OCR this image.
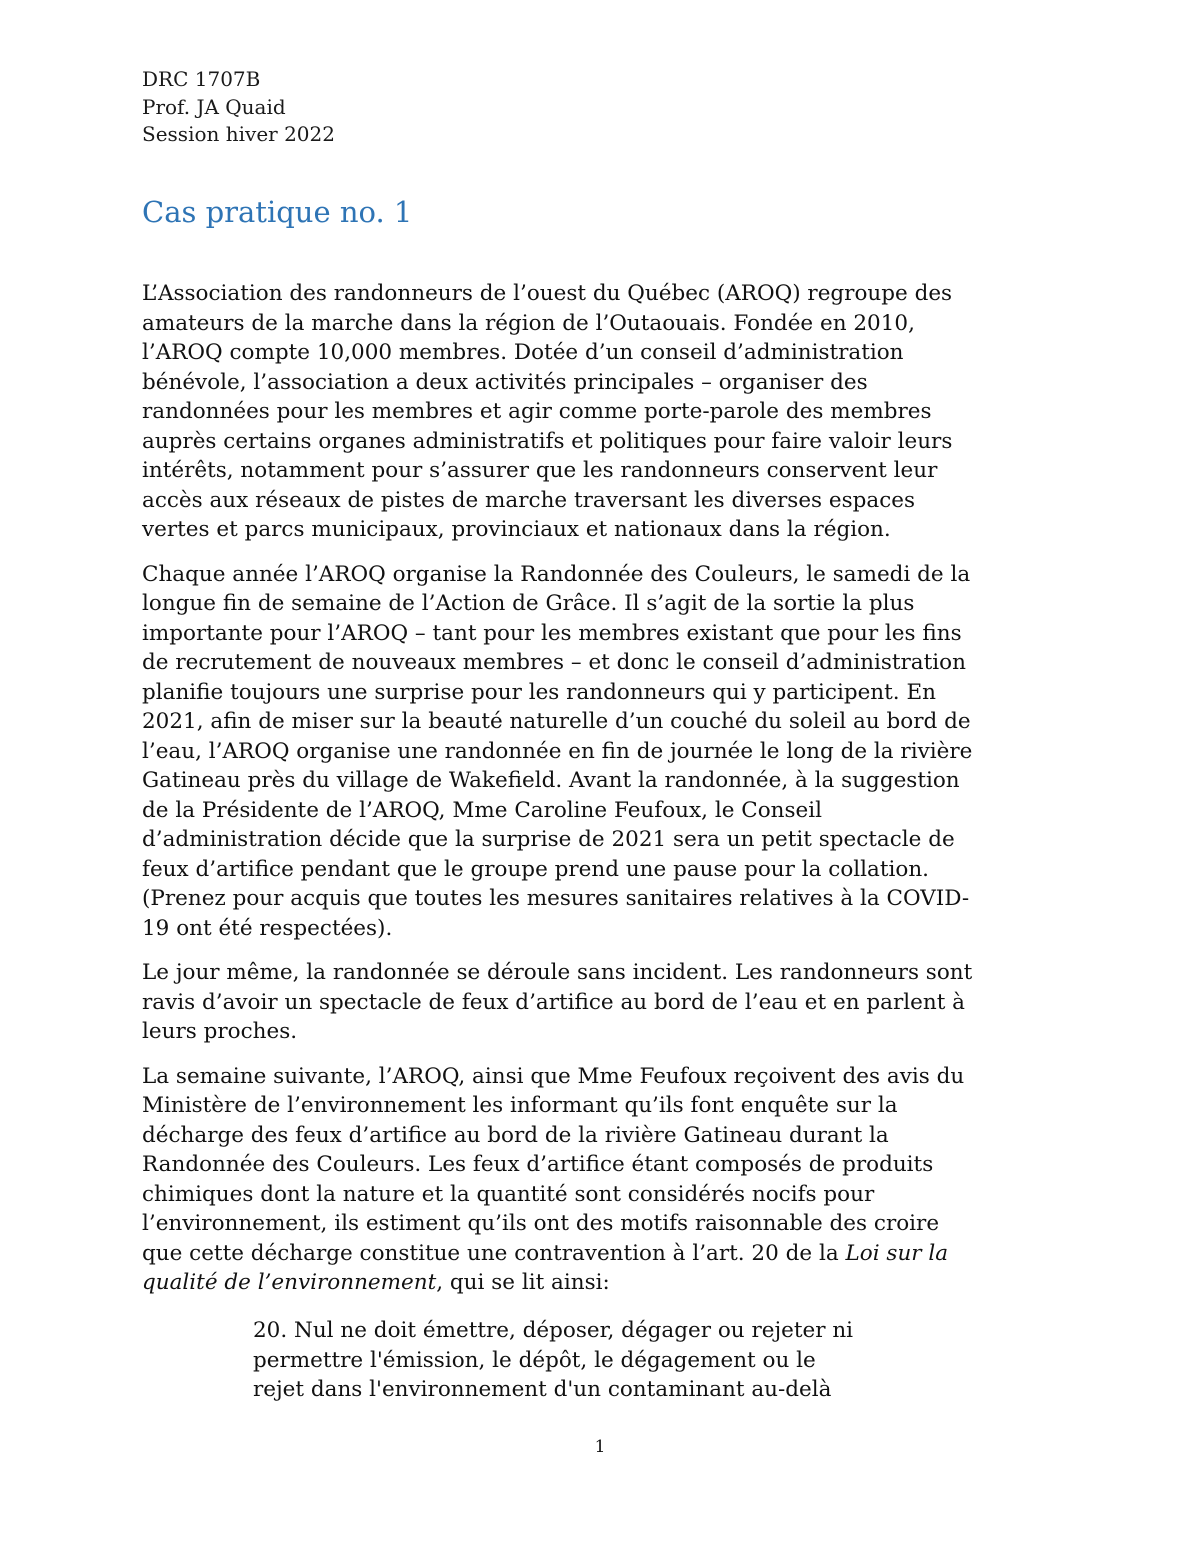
DRC 1707B
Prof. JA Quaid
Session hiver 2022
Cas pratique no. 1

L’Association des randonneurs de l’ouest du Québec (AROQ) regroupe des
amateurs de la marche dans la région de l’Outaouais. Fondée en 2010,
l’AROQ compte 10,000 membres. Dotée d’un conseil d’administration
bénévole, l’association a deux activités principales – organiser des
randonnées pour les membres et agir comme porte-parole des membres
auprès certains organes administratifs et politiques pour faire valoir leurs
intérêts, notamment pour s’assurer que les randonneurs conservent leur
accès aux réseaux de pistes de marche traversant les diverses espaces
vertes et parcs municipaux, provinciaux et nationaux dans la région.

Chaque année l’AROQ organise la Randonnée des Couleurs, le samedi de la
longue fin de semaine de l’Action de Grâce. Il s’agit de la sortie la plus
importante pour l’AROQ – tant pour les membres existant que pour les fins
de recrutement de nouveaux membres – et donc le conseil d’administration
planifie toujours une surprise pour les randonneurs qui y participent. En
2021, afin de miser sur la beauté naturelle d’un couché du soleil au bord de
l’eau, l’AROQ organise une randonnée en fin de journée le long de la rivière
Gatineau près du village de Wakefield. Avant la randonnée, à la suggestion
de la Présidente de l’AROQ, Mme Caroline Feufoux, le Conseil
d’administration décide que la surprise de 2021 sera un petit spectacle de
feux d’artifice pendant que le groupe prend une pause pour la collation.
(Prenez pour acquis que toutes les mesures sanitaires relatives à la COVID-
19 ont été respectées).

Le jour même, la randonnée se déroule sans incident. Les randonneurs sont
ravis d’avoir un spectacle de feux d’artifice au bord de l’eau et en parlent à
leurs proches.

La semaine suivante, l’AROQ, ainsi que Mme Feufoux reçoivent des avis du
Ministère de l’environnement les informant qu’ils font enquête sur la
décharge des feux d’artifice au bord de la rivière Gatineau durant la
Randonnée des Couleurs. Les feux d’artifice étant composés de produits
chimiques dont la nature et la quantité sont considérés nocifs pour
l’environnement, ils estiment qu’ils ont des motifs raisonnable des croire
que cette décharge constitue une contravention à l’art. 20 de la Loi sur la
qualité de l’environnement, qui se lit ainsi:

20. Nul ne doit émettre, déposer, dégager ou rejeter ni
permettre l'émission, le dépôt, le dégagement ou le
rejet dans l'environnement d'un contaminant au-delà
1
